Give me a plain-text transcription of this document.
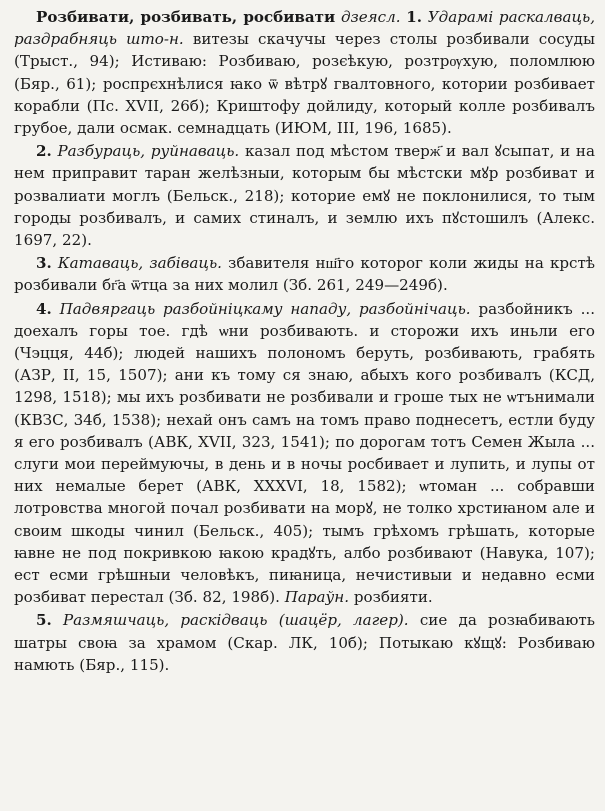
Розбивати, розбивать, росбивати дзеясл. 1. Ударамі раскалваць, раздрабняць што-н. витезы скачучы через столы розбивали сосуды (Трыст., 94); Истиваю: Розбиваю, розєѣкую, розтрѹхую, поломлюю (Бяр., 61); роспрєхнѣлися ꙗко ѿ вѣтрꙋ гвалтовного, котории розбивает корабли (Пс. XVII, 26б); Криштофу дойлиду, который колле розбивалъ грубое, дали осмак. семнадцать (ИЮМ, III, 196, 1685).

2. Разбураць, руйнаваць. казал под мѣстом тверж҃ и вал ꙋсыпат, и на нем приправит таран желѣзныи, которым бы мѣстски мꙋр розбиват и розвалиати моглъ (Бельск., 218); которие емꙋ не поклонилися, то тым городы розбивалъ, и самих стиналъ, и землю ихъ пꙋстошилъ (Алекс. 1697, 22).

3. Катаваць, забіваць. збавителя нш҃го которог коли жиды на крстѣ розбивали бг҃а ѿтца за них молил (Зб. 261, 249—249б).

4. Падвяргаць разбойніцкаму нападу, разбойнічаць. разбойникъ ... доехалъ горы тое. гдѣ ѡни розбивають. и сторожи ихъ иньли его (Чэцця, 44б); людей нашихъ полономъ беруть, розбивають, грабять (АЗР, II, 15, 1507); ани къ тому ся знаю, абыхъ кого розбивалъ (КСД, 1298, 1518); мы ихъ розбивати не розбивали и гроше тых не ѡтънимали (КВЗС, 34б, 1538); нехай онъ самъ на томъ право поднесетъ, естли буду я его розбивалъ (АВК, XVII, 323, 1541); по дорогам тотъ Семен Жыла ... слуги мои переймуючы, в день и в ночы росбивает и лупить, и лупы от них немалые берет (АВК, XXXVI, 18, 1582); ѡтоман ... собравши лотровства многой почал розбивати на морꙋ, не толко хрстиꙗном але и своим шкоды чинил (Бельск., 405); тымъ грѣхомъ грѣшать, которые ꙗвне не под покривкою ꙗкою крадꙋть, албо розбивают (Навука, 107); ест есми грѣшныи человѣкъ, пиꙗница, нечистивыи и недавно есми розбиват перестал (Зб. 82, 198б). Параўн. розбияти.

5. Размяшчаць, раскідваць (шацёр, лагер). сие да розꙗбивають шатры своꙗ за храмом (Скар. ЛК, 10б); Потыкаю кꙋщꙋ: Розбиваю намють (Бяр., 115).
